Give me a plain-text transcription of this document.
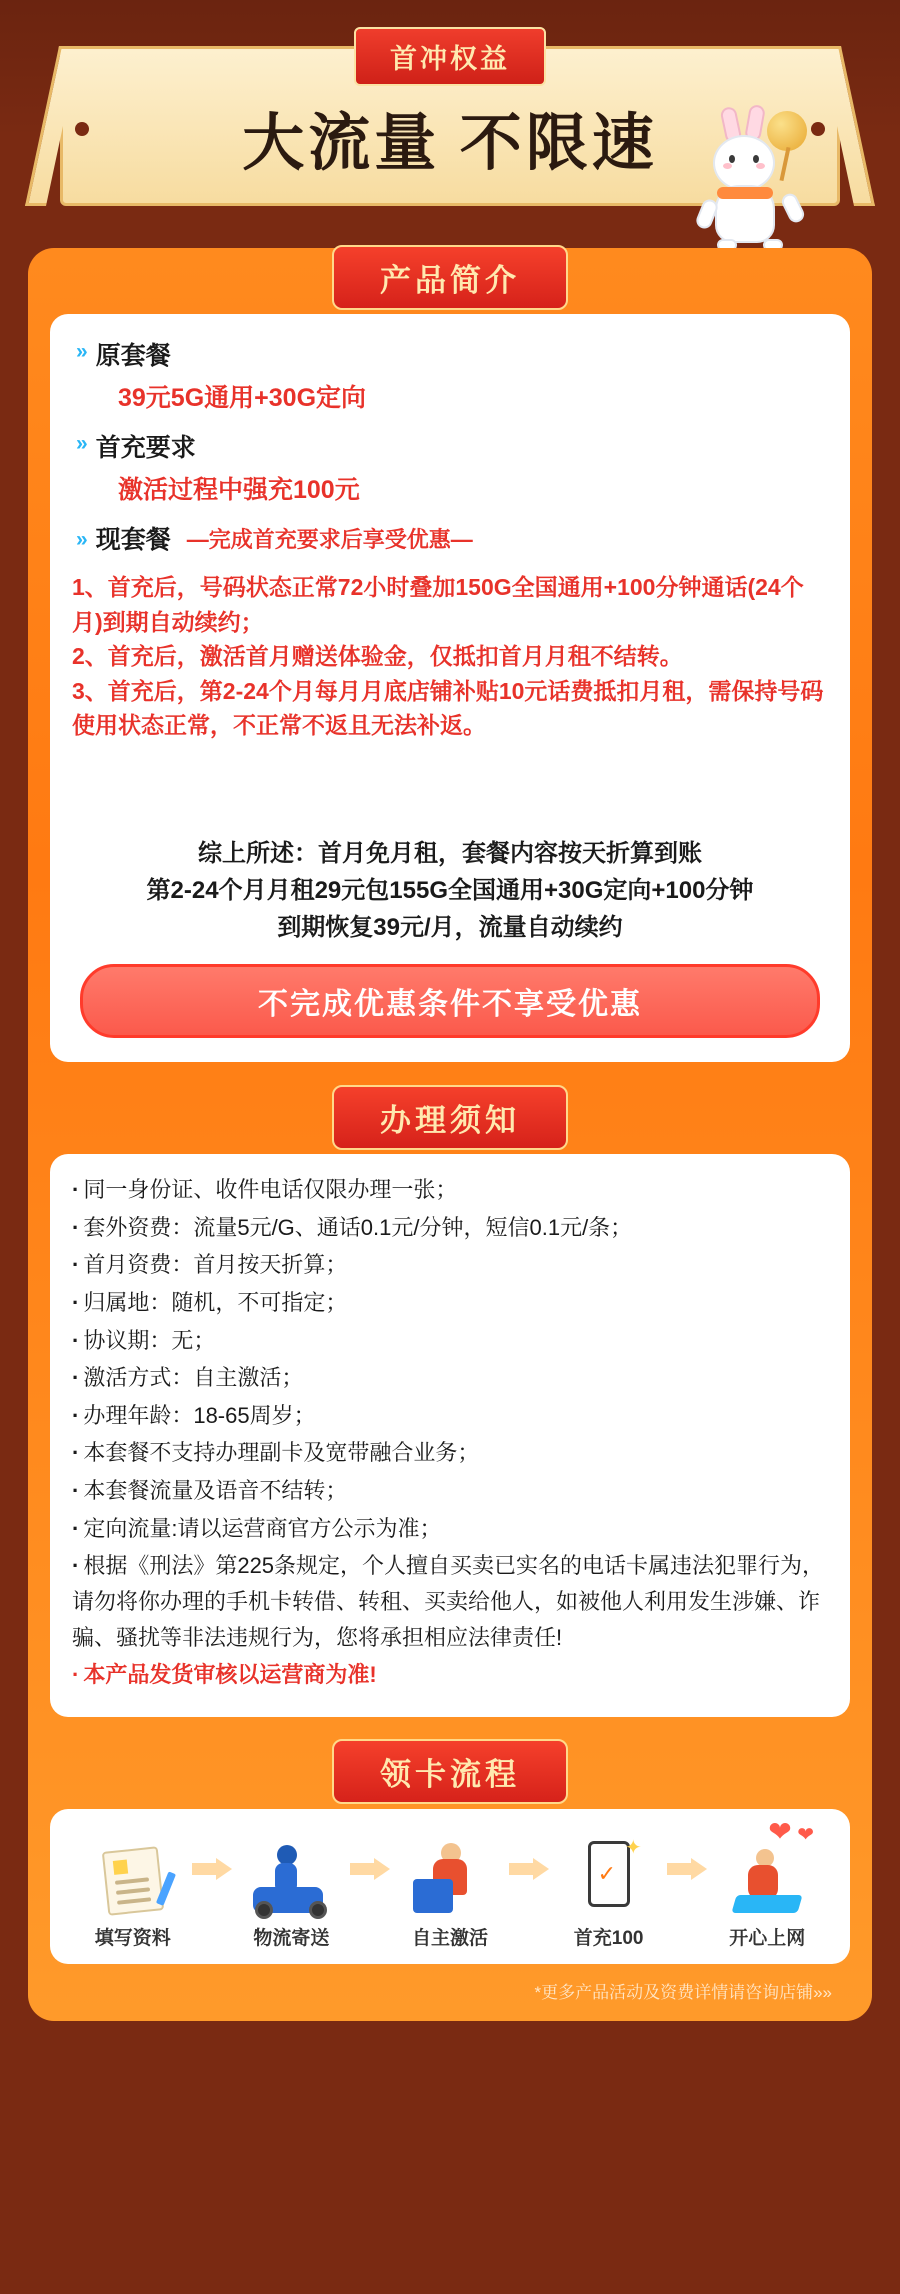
首冲权益
大流量 不限速
产品简介
» 原套餐
39元5G通用+30G定向
» 首充要求
激活过程中强充100元
» 现套餐 —完成首充要求后享受优惠—

1、首充后，号码状态正常72小时叠加150G全国通用+100分钟通话(24个月)到期自动续约；

2、首充后，激活首月赠送体验金，仅抵扣首月月租不结转。

3、首充后，第2-24个月每月月底店铺补贴10元话费抵扣月租，需保持号码使用状态正常，不正常不返且无法补返。

综上所述：首月免月租，套餐内容按天折算到账
第2-24个月月租29元包155G全国通用+30G定向+100分钟
到期恢复39元/月，流量自动续约
不完成优惠条件不享受优惠
办理须知
· 同一身份证、收件电话仅限办理一张；
· 套外资费：流量5元/G、通话0.1元/分钟，短信0.1元/条；
· 首月资费：首月按天折算；
· 归属地：随机，不可指定；
· 协议期：无；
· 激活方式：自主激活；
· 办理年龄：18-65周岁；
· 本套餐不支持办理副卡及宽带融合业务；
· 本套餐流量及语音不结转；
· 定向流量:请以运营商官方公示为准；
· 根据《刑法》第225条规定，个人擅自买卖已实名的电话卡属违法犯罪行为，请勿将你办理的手机卡转借、转租、买卖给他人，如被他人利用发生涉嫌、诈骗、骚扰等非法违规行为，您将承担相应法律责任!
· 本产品发货审核以运营商为准!
领卡流程
❤ ❤
填写资料	物流寄送	自主激活
✓
✦
首充100	开心上网
*更多产品活动及资费详情请咨询店铺»»
